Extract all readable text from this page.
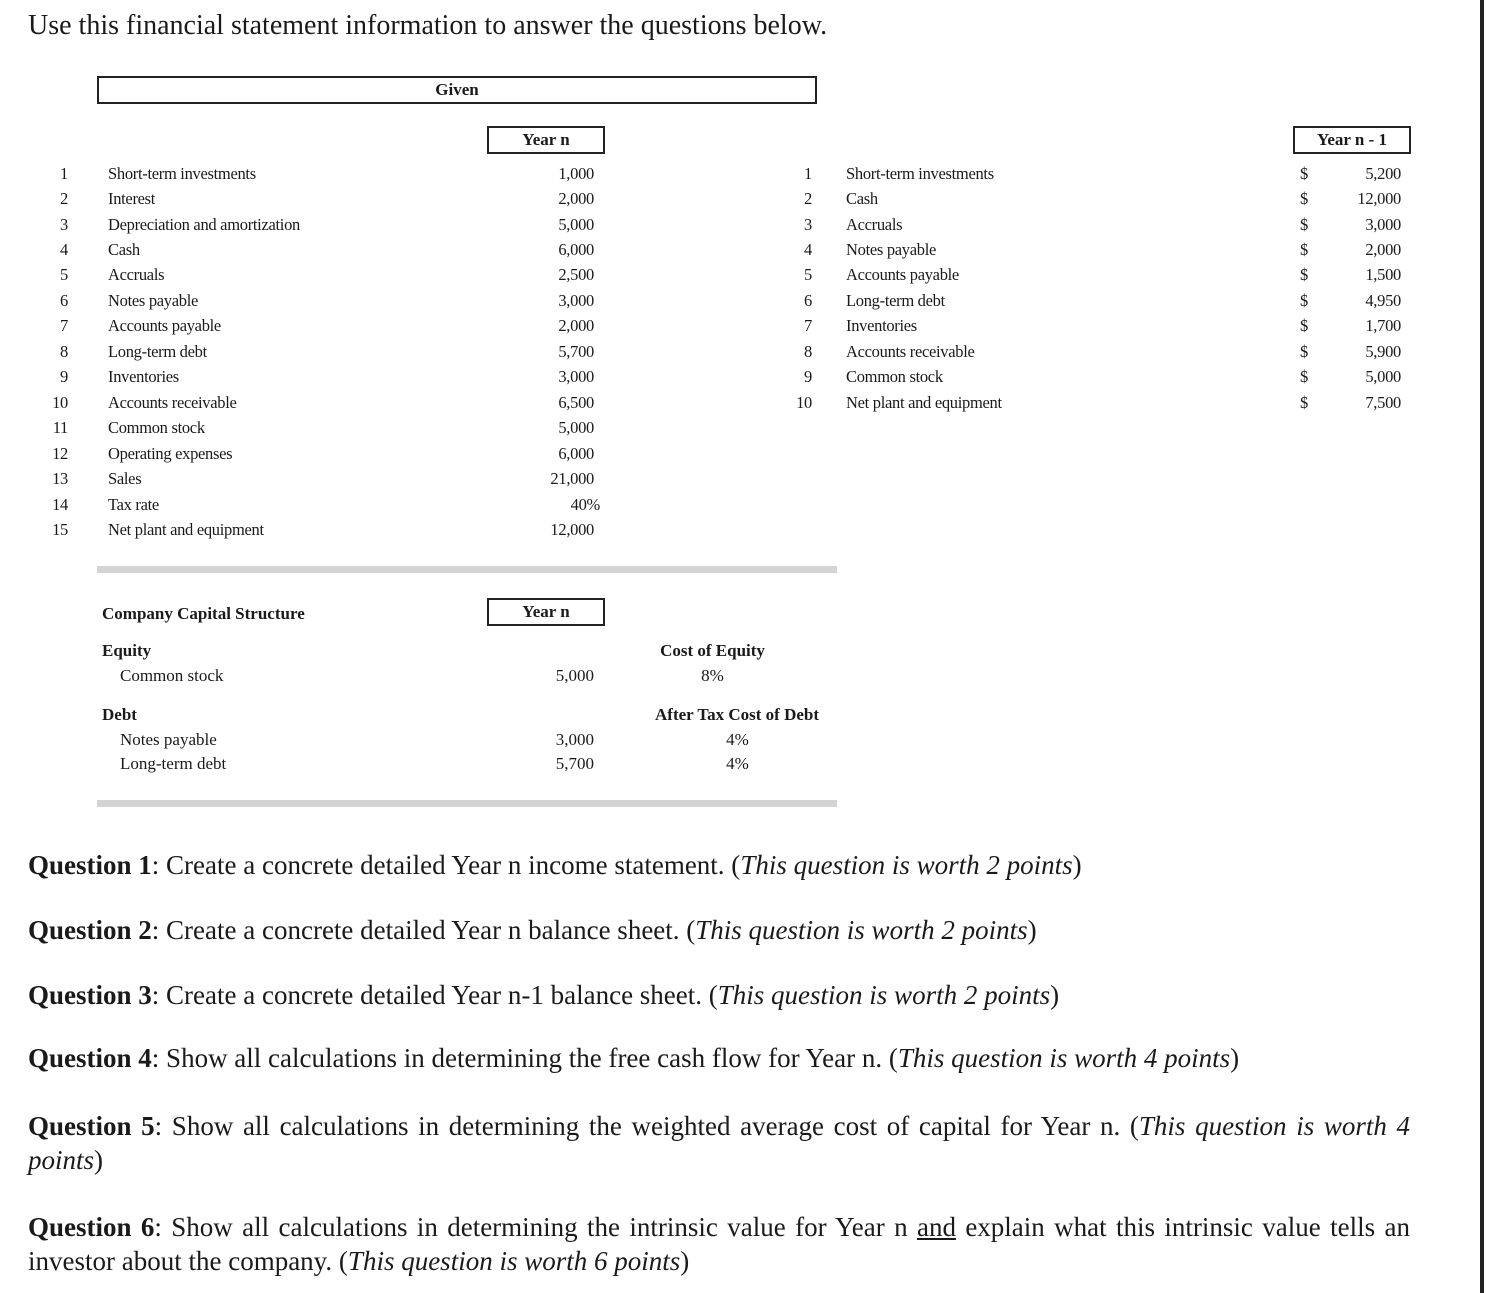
Use this financial statement information to answer the questions below.
Given
Year n	Year n - 1
1 Short-term investments	1,000
2 Interest	2,000
3 Depreciation and amortization	5,000
4 Cash	6,000
5 Accruals	2,500
6 Notes payable	3,000
7 Accounts payable	2,000
8 Long-term debt	5,700
9 Inventories	3,000
10 Accounts receivable	6,500
11 Common stock	5,000
12 Operating expenses	6,000
13 Sales	21,000
14 Tax rate	40%
15 Net plant and equipment	12,000
1 Short-term investments	$	5,200
2 Cash	$	12,000
3 Accruals	$	3,000
4 Notes payable	$	2,000
5 Accounts payable	$	1,500
6 Long-term debt	$	4,950
7 Inventories	$	1,700
8 Accounts receivable	$	5,900
9 Common stock	$	5,000
10 Net plant and equipment	$	7,500
Company Capital Structure	Year n
Equity	Cost of Equity
Common stock	5,000	8%
Debt	After Tax Cost of Debt
Notes payable	3,000	4%
Long-term debt	5,700	4%
Question 1: Create a concrete detailed Year n income statement. (This question is worth 2 points)
Question 2: Create a concrete detailed Year n balance sheet. (This question is worth 2 points)
Question 3: Create a concrete detailed Year n-1 balance sheet. (This question is worth 2 points)
Question 4: Show all calculations in determining the free cash flow for Year n. (This question is worth 4 points)
Question 5: Show all calculations in determining the weighted average cost of capital for Year n. (This question is worth 4 points)
Question 6: Show all calculations in determining the intrinsic value for Year n and explain what this intrinsic value tells an investor about the company. (This question is worth 6 points)
